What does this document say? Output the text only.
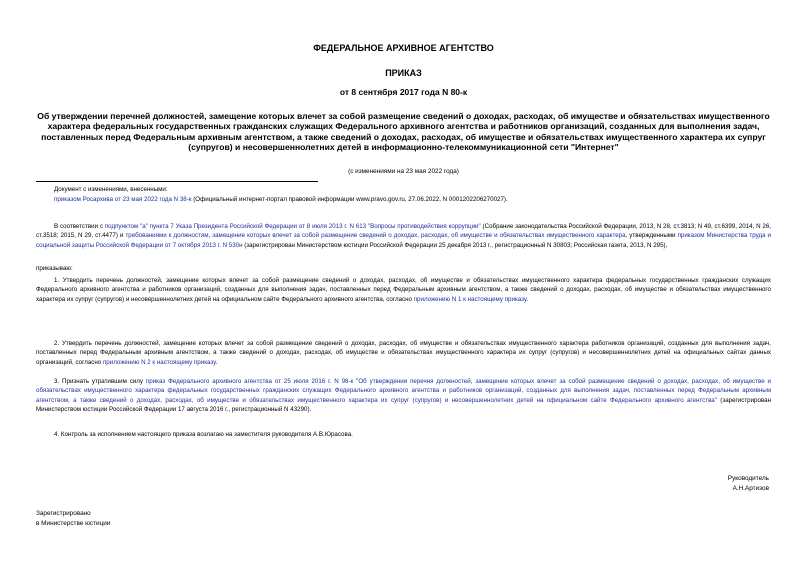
ФЕДЕРАЛЬНОЕ АРХИВНОЕ АГЕНТСТВО
ПРИКАЗ
от 8 сентября 2017 года N 80-к
Об утверждении перечней должностей, замещение которых влечет за собой размещение сведений о доходах, расходах, об имуществе и обязательствах имущественного характера федеральных государственных гражданских служащих Федерального архивного агентства и работников организаций, созданных для выполнения задач, поставленных перед Федеральным архивным агентством, а также сведений о доходах, расходах, об имуществе и обязательствах имущественного характера их супруг (супругов) и несовершеннолетних детей в информационно-телекоммуникационной сети "Интернет"
(с изменениями на 23 мая 2022 года)
Документ с изменениями, внесенными:
приказом Росархива от 23 мая 2022 года N 38-к (Официальный интернет-портал правовой информации www.pravo.gov.ru, 27.06.2022, N 0001202206270027).

В соответствии с подпунктом "а" пункта 7 Указа Президента Российской Федерации от 8 июля 2013 г. N 613 "Вопросы противодействия коррупции" (Собрание законодательства Российской Федерации, 2013, N 28, ст.3813; N 49, ст.6399, 2014, N 26, ст.3518; 2015, N 29, ст.4477) и требованиями к должностям, замещение которых влечет за собой размещение сведений о доходах, расходах, об имуществе и обязательствах имущественного характера, утвержденными приказом Министерства труда и социальной защиты Российской Федерации от 7 октября 2013 г. N 530н (зарегистрирован Министерством юстиции Российской Федерации 25 декабря 2013 г., регистрационный N 30803; Российская газета, 2013, N 295),

приказываю:

1. Утвердить перечень должностей, замещение которых влечет за собой размещение сведений о доходах, расходах, об имуществе и обязательствах имущественного характера федеральных государственных гражданских служащих Федерального архивного агентства и работников организаций, созданных для выполнения задач, поставленных перед Федеральным архивным агентством, а также сведений о доходах, расходах, об имуществе и обязательствах имущественного характера их супруг (супругов) и несовершеннолетних детей на официальном сайте Федерального архивного агентства, согласно приложению N 1 к настоящему приказу.

2. Утвердить перечень должностей, замещение которых влечет за собой размещение сведений о доходах, расходах, об имуществе и обязательствах имущественного характера работников организаций, созданных для выполнения задач, поставленных перед Федеральным архивным агентством, а также сведений о доходах, расходах, об имуществе и обязательствах имущественного характера их супруг (супругов) и несовершеннолетних детей на официальных сайтах данных организаций, согласно приложению N 2 к настоящему приказу.

3. Признать утратившим силу приказ Федерального архивного агентства от 25 июля 2016 г. N 98-к "Об утверждении перечня должностей, замещение которых влечет за собой размещение сведений о доходах, расходах, об имуществе и обязательствах имущественного характера федеральных государственных гражданских служащих Федерального архивного агентства и работников организаций, созданных для выполнения задач, поставленных перед Федеральным архивным агентством, а также сведений о доходах, расходах, об имуществе и обязательствах имущественного характера их супруг (супругов) и несовершеннолетних детей на официальном сайте Федерального архивного агентства" (зарегистрирован Министерством юстиции Российской Федерации 17 августа 2016 г., регистрационный N 43290).

4. Контроль за исполнением настоящего приказа возлагаю на заместителя руководителя А.В.Юрасова.

Руководитель
А.Н.Артизов
Зарегистрировано
в Министерстве юстиции
